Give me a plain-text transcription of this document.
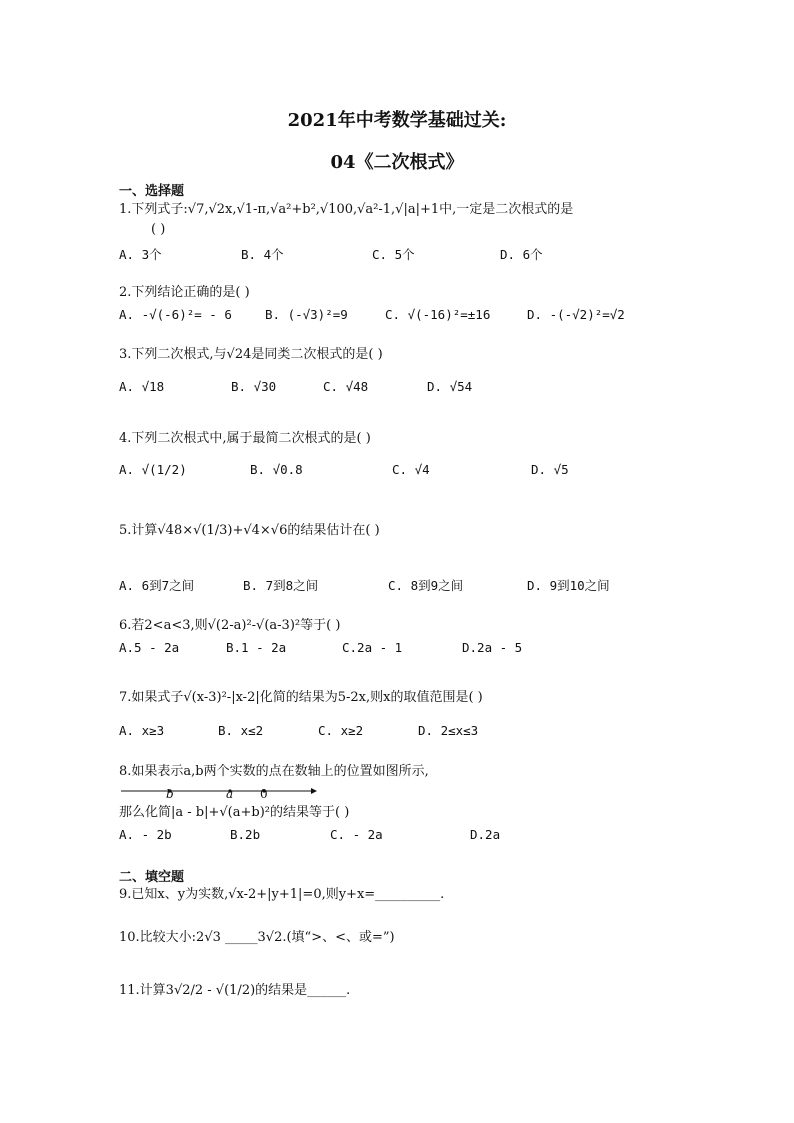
2021年中考数学基础过关:
04《二次根式》
一、选择题
1.下列式子:√7,√2x,√1-π,√a²+b²,√100,√a²-1,√|a|+1中,一定是二次根式的是
( )
A. 3个	B. 4个	C. 5个	D. 6个
2.下列结论正确的是( )
A. -√(-6)²= - 6	B. (-√3)²=9	C. √(-16)²=±16	D. -(-√2)²=√2
3.下列二次根式,与√24是同类二次根式的是( )
A. √18	B. √30	C. √48	D. √54
4.下列二次根式中,属于最简二次根式的是( )
A. √(1/2)	B. √0.8	C. √4	D. √5
5.计算√48×√(1/3)+√4×√6的结果估计在( )
A. 6到7之间	B. 7到8之间	C. 8到9之间	D. 9到10之间
6.若2<a<3,则√(2-a)²-√(a-3)²等于( )
A.5 - 2a	B.1 - 2a	C.2a - 1	D.2a - 5
7.如果式子√(x-3)²-|x-2|化简的结果为5-2x,则x的取值范围是( )
A. x≥3	B. x≤2	C. x≥2	D. 2≤x≤3
8.如果表示a,b两个实数的点在数轴上的位置如图所示,
b	a 0
那么化简|a - b|+√(a+b)²的结果等于( )
A. - 2b	B.2b	C. - 2a	D.2a
二、填空题
9.已知x、y为实数,√x-2+|y+1|=0,则y+x=__________.
10.比较大小:2√3 _____3√2.(填“>、<、或=”)
11.计算3√2/2 - √(1/2)的结果是______.
